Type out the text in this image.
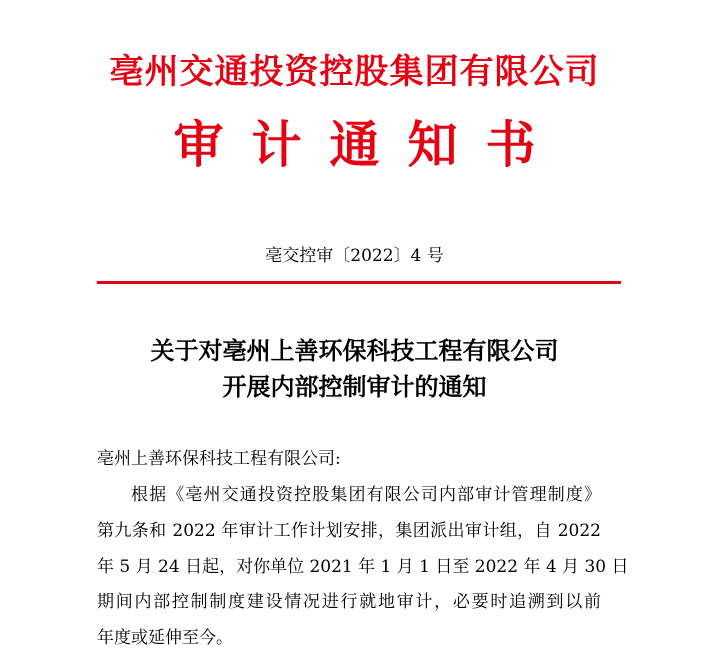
亳州交通投资控股集团有限公司
审计通知书
亳交控审〔2022〕4 号
关于对亳州上善环保科技工程有限公司
开展内部控制审计的通知
亳州上善环保科技工程有限公司:
根据《亳州交通投资控股集团有限公司内部审计管理制度》
第九条和 2022 年审计工作计划安排，集团派出审计组，自 2022
年 5 月 24 日起，对你单位 2021 年 1 月 1 日至 2022 年 4 月 30 日
期间内部控制制度建设情况进行就地审计，必要时追溯到以前
年度或延伸至今。
